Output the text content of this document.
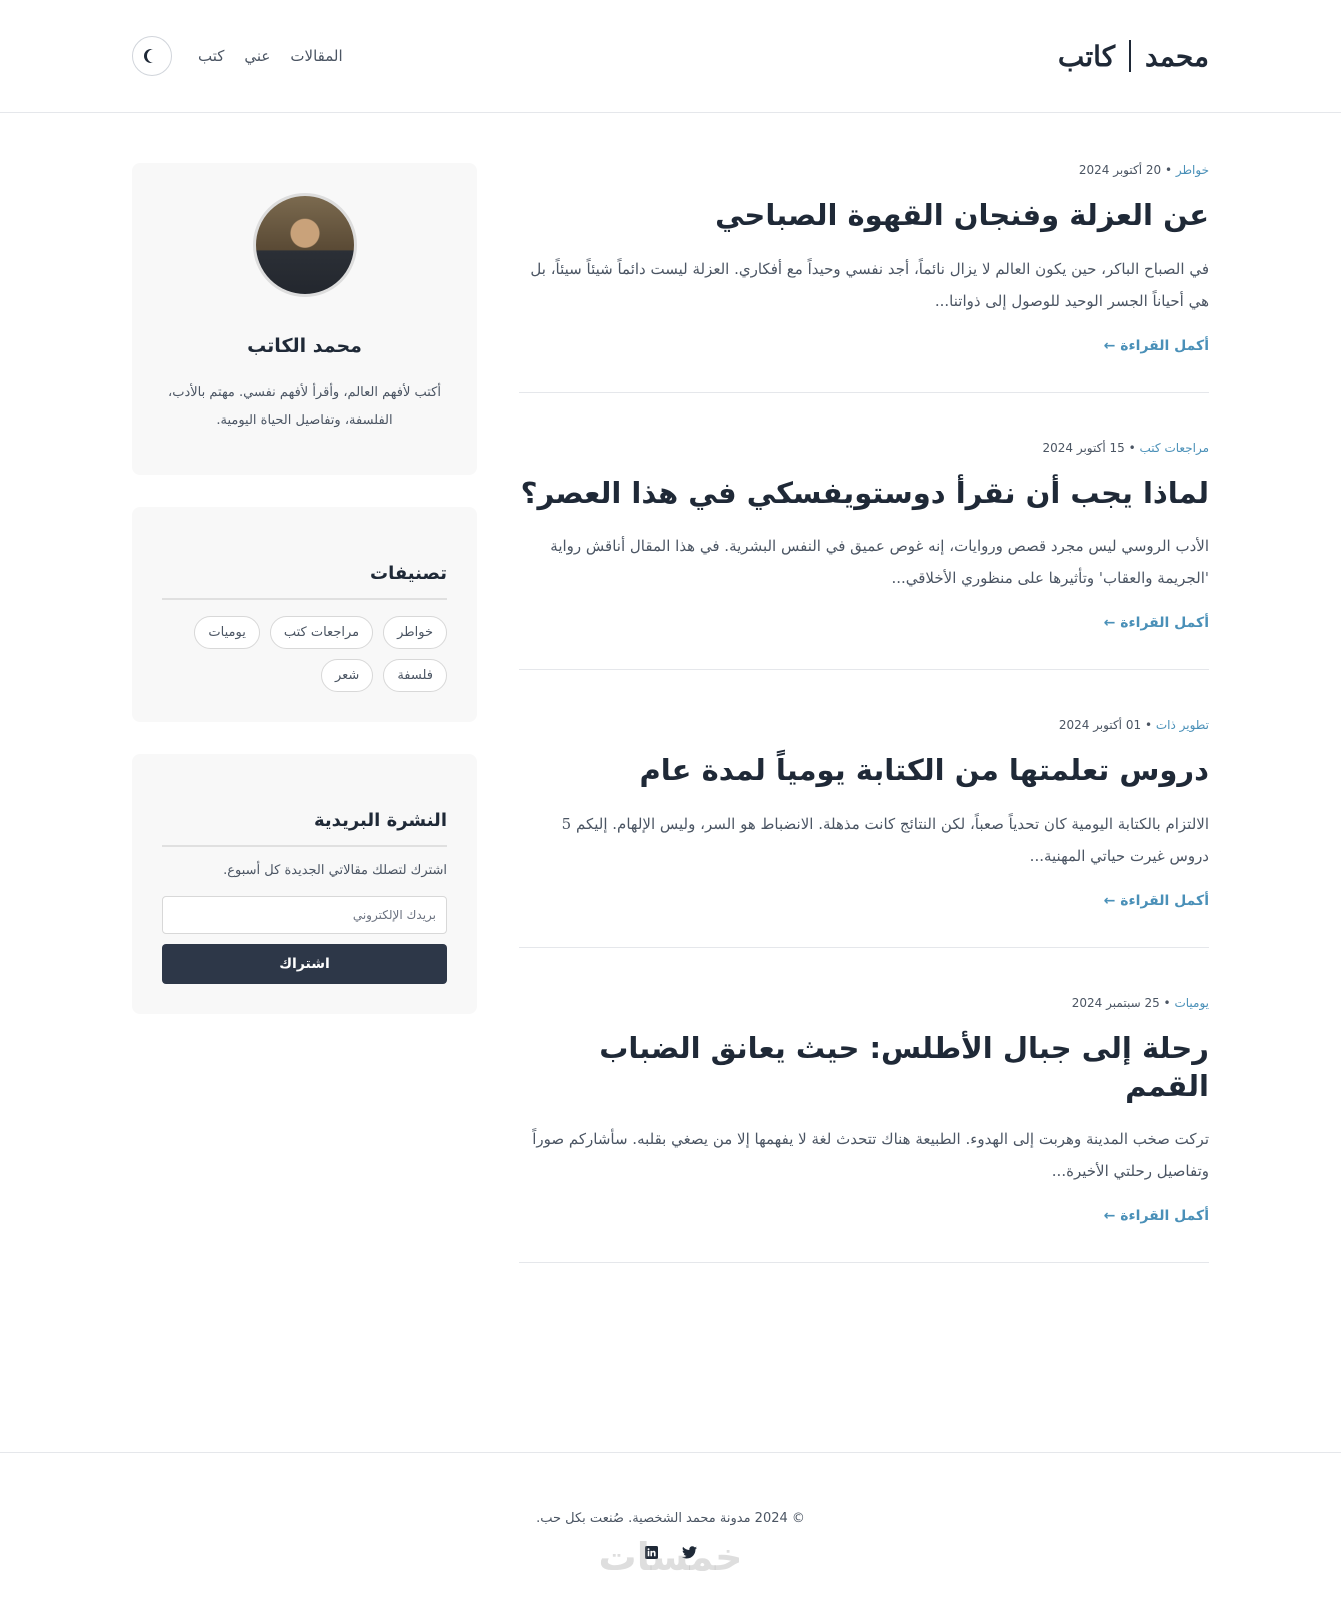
محمد
كاتب
المقالات
عني
كتب
خواطر • 20 أكتوبر 2024
عن العزلة وفنجان القهوة الصباحي

في الصباح الباكر، حين يكون العالم لا يزال نائماً، أجد نفسي وحيداً مع أفكاري. العزلة ليست دائماً شيئاً سيئاً، بل هي أحياناً الجسر الوحيد للوصول إلى ذواتنا...

أكمل القراءة ←
مراجعات كتب • 15 أكتوبر 2024
لماذا يجب أن نقرأ دوستويفسكي في هذا العصر؟

الأدب الروسي ليس مجرد قصص وروايات، إنه غوص عميق في النفس البشرية. في هذا المقال أناقش رواية 'الجريمة والعقاب' وتأثيرها على منظوري الأخلاقي...

أكمل القراءة ←
تطوير ذات • 01 أكتوبر 2024
دروس تعلمتها من الكتابة يومياً لمدة عام

الالتزام بالكتابة اليومية كان تحدياً صعباً، لكن النتائج كانت مذهلة. الانضباط هو السر، وليس الإلهام. إليكم 5 دروس غيرت حياتي المهنية...

أكمل القراءة ←
يوميات • 25 سبتمبر 2024
رحلة إلى جبال الأطلس: حيث يعانق الضباب القمم

تركت صخب المدينة وهربت إلى الهدوء. الطبيعة هناك تتحدث لغة لا يفهمها إلا من يصغي بقلبه. سأشاركم صوراً وتفاصيل رحلتي الأخيرة...

أكمل القراءة ←
محمد الكاتب

أكتب لأفهم العالم، وأقرأ لأفهم نفسي. مهتم بالأدب، الفلسفة، وتفاصيل الحياة اليومية.

تصنيفات
خواطر
مراجعات كتب
يوميات
فلسفة
شعر
النشرة البريدية

اشترك لتصلك مقالاتي الجديدة كل أسبوع.

بريدك الإلكتروني اشتراك

© 2024 مدونة محمد الشخصية. صُنعت بكل حب.

خمسات
